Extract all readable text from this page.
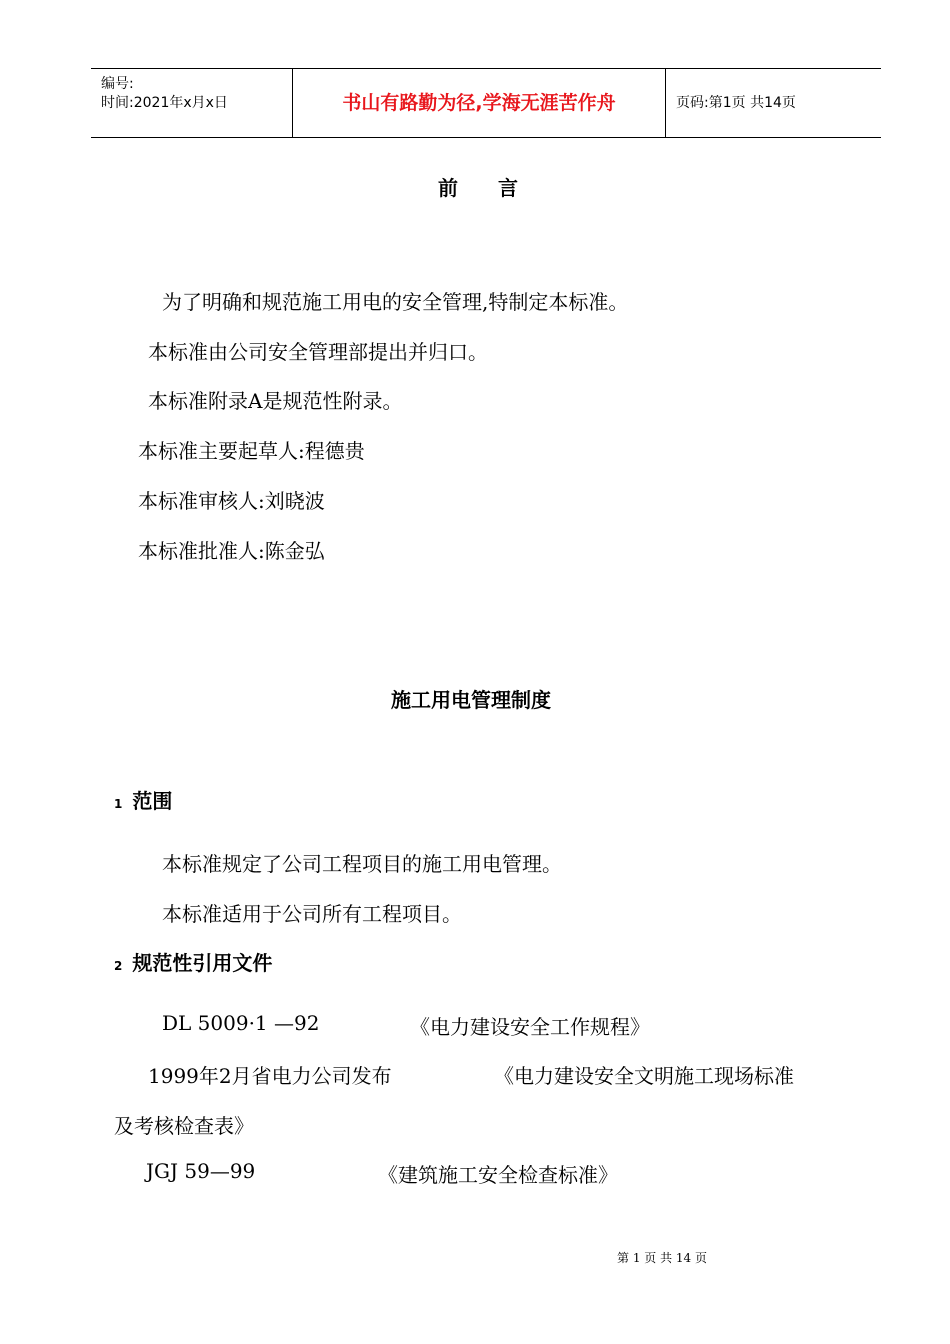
编号:
时间:2021年x月x日	书山有路勤为径,学海无涯苦作舟	页码:第1页 共14页
前　　言
为了明确和规范施工用电的安全管理,特制定本标准。
本标准由公司安全管理部提出并归口。
本标准附录A是规范性附录。
本标准主要起草人:程德贵
本标准审核人:刘晓波
本标准批准人:陈金弘
施工用电管理制度
1 范围
本标准规定了公司工程项目的施工用电管理。
本标准适用于公司所有工程项目。
2 规范性引用文件
DL 5009·1 —92	《电力建设安全工作规程》
1999年2月省电力公司发布	《电力建设安全文明施工现场标准
及考核检查表》
JGJ 59—99	《建筑施工安全检查标准》
第 1 页 共 14 页
